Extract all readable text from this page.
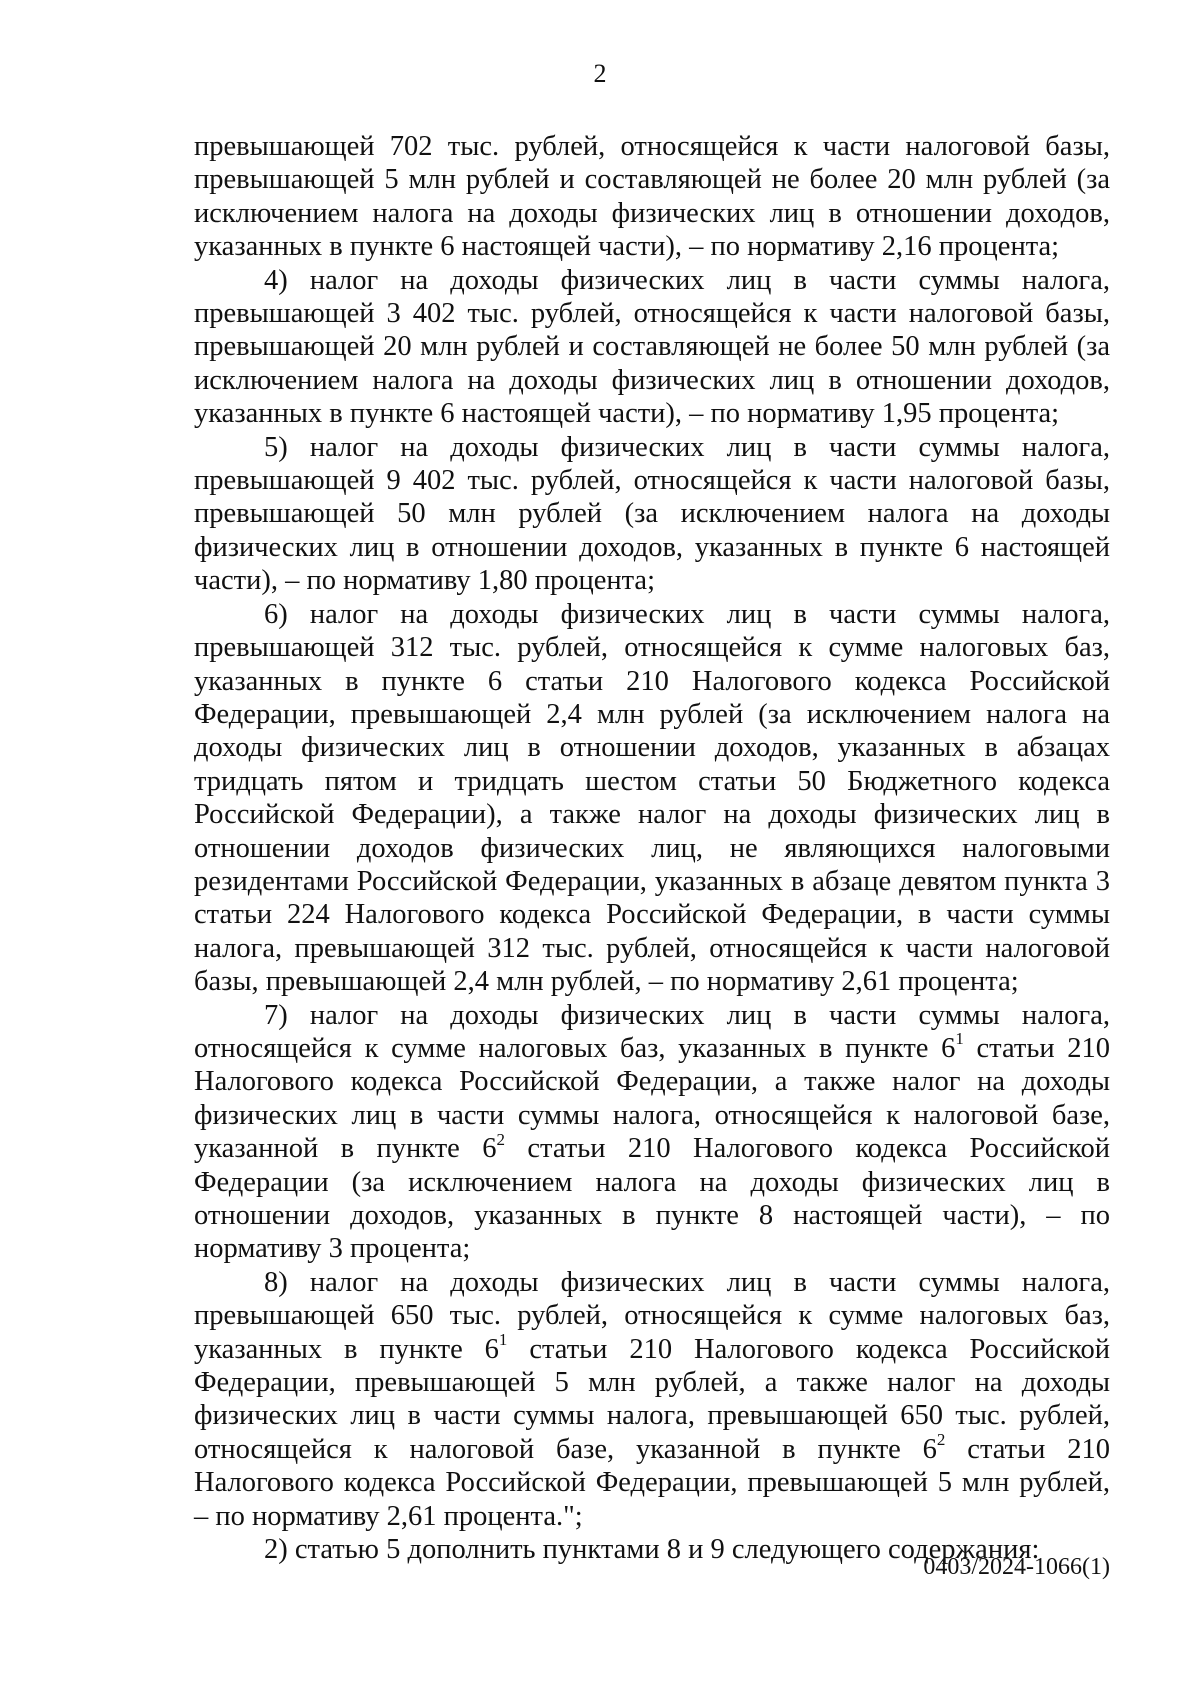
2

превышающей 702 тыс. рублей, относящейся к части налоговой базы, превышающей 5 млн рублей и составляющей не более 20 млн рублей (за исключением налога на доходы физических лиц в отношении доходов, указанных в пункте 6 настоящей части), – по нормативу 2,16 процента;

4) налог на доходы физических лиц в части суммы налога, превышающей 3 402 тыс. рублей, относящейся к части налоговой базы, превышающей 20 млн рублей и составляющей не более 50 млн рублей (за исключением налога на доходы физических лиц в отношении доходов, указанных в пункте 6 настоящей части), – по нормативу 1,95 процента;

5) налог на доходы физических лиц в части суммы налога, превышающей 9 402 тыс. рублей, относящейся к части налоговой базы, превышающей 50 млн рублей (за исключением налога на доходы физических лиц в отношении доходов, указанных в пункте 6 настоящей части), – по нормативу 1,80 процента;

6) налог на доходы физических лиц в части суммы налога, превышающей 312 тыс. рублей, относящейся к сумме налоговых баз, указанных в пункте 6 статьи 210 Налогового кодекса Российской Федерации, превышающей 2,4 млн рублей (за исключением налога на доходы физических лиц в отношении доходов, указанных в абзацах тридцать пятом и тридцать шестом статьи 50 Бюджетного кодекса Российской Федерации), а также налог на доходы физических лиц в отношении доходов физических лиц, не являющихся налоговыми резидентами Российской Федерации, указанных в абзаце девятом пункта 3 статьи 224 Налогового кодекса Российской Федерации, в части суммы налога, превышающей 312 тыс. рублей, относящейся к части налоговой базы, превышающей 2,4 млн рублей, – по нормативу 2,61 процента;

7) налог на доходы физических лиц в части суммы налога, относящейся к сумме налоговых баз, указанных в пункте $6^1$ статьи 210 Налогового кодекса Российской Федерации, а также налог на доходы физических лиц в части суммы налога, относящейся к налоговой базе, указанной в пункте $6^2$ статьи 210 Налогового кодекса Российской Федерации (за исключением налога на доходы физических лиц в отношении доходов, указанных в пункте 8 настоящей части), – по нормативу 3 процента;

8) налог на доходы физических лиц в части суммы налога, превышающей 650 тыс. рублей, относящейся к сумме налоговых баз, указанных в пункте $6^1$ статьи 210 Налогового кодекса Российской Федерации, превышающей 5 млн рублей, а также налог на доходы физических лиц в части суммы налога, превышающей 650 тыс. рублей, относящейся к налоговой базе, указанной в пункте $6^2$ статьи 210 Налогового кодекса Российской Федерации, превышающей 5 млн рублей, – по нормативу 2,61 процента.";

2) статью 5 дополнить пунктами 8 и 9 следующего содержания:

0403/2024-1066(1)
